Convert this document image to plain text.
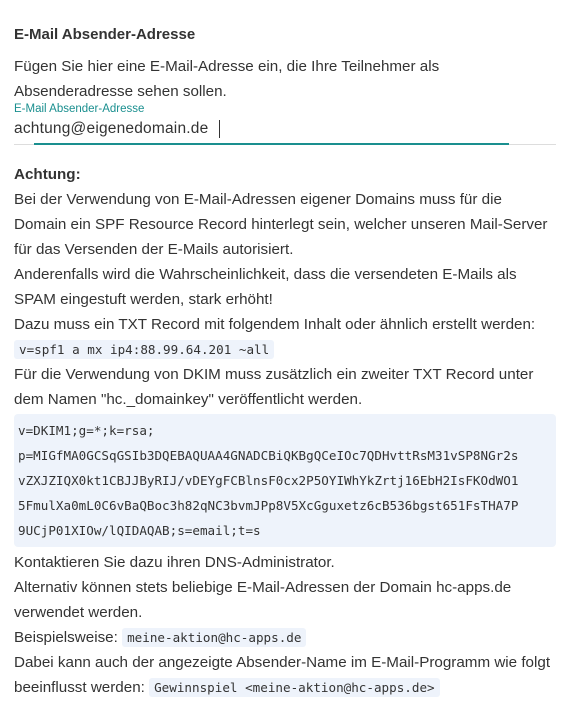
E-Mail Absender-Adresse
Fügen Sie hier eine E-Mail-Adresse ein, die Ihre Teilnehmer als Absenderadresse sehen sollen.
E-Mail Absender-Adresse
achtung@eigenedomain.de

Achtung:

Bei der Verwendung von E-Mail-Adressen eigener Domains muss für die Domain ein SPF Resource Record hinterlegt sein, welcher unseren Mail-Server für das Versenden der E-Mails autorisiert.

Anderenfalls wird die Wahrscheinlichkeit, dass die versendeten E-Mails als SPAM eingestuft werden, stark erhöht!

Dazu muss ein TXT Record mit folgendem Inhalt oder ähnlich erstellt werden:

v=spf1 a mx ip4:88.99.64.201 ~all

Für die Verwendung von DKIM muss zusätzlich ein zweiter TXT Record unter dem Namen "hc._domainkey" veröffentlicht werden.

v=DKIM1;g=*;k=rsa;
p=MIGfMA0GCSqGSIb3DQEBAQUAA4GNADCBiQKBgQCeIOc7QDHvttRsM31vSP8NGr2s
vZXJZIQX0kt1CBJJByRIJ/vDEYgFCBlnsF0cx2P5OYIWhYkZrtj16EbH2IsFKOdWO1
5FmulXa0mL0C6vBaQBoc3h82qNC3bvmJPp8V5XcGguxetz6cB536bgst651FsTHA7P
9UCjP01XIOw/lQIDAQAB;s=email;t=s

Kontaktieren Sie dazu ihren DNS-Administrator.

Alternativ können stets beliebige E-Mail-Adressen der Domain hc-apps.de verwendet werden.

Beispielsweise: meine-aktion@hc-apps.de

Dabei kann auch der angezeigte Absender-Name im E-Mail-Programm wie folgt beeinflusst werden: Gewinnspiel <meine-aktion@hc-apps.de>
